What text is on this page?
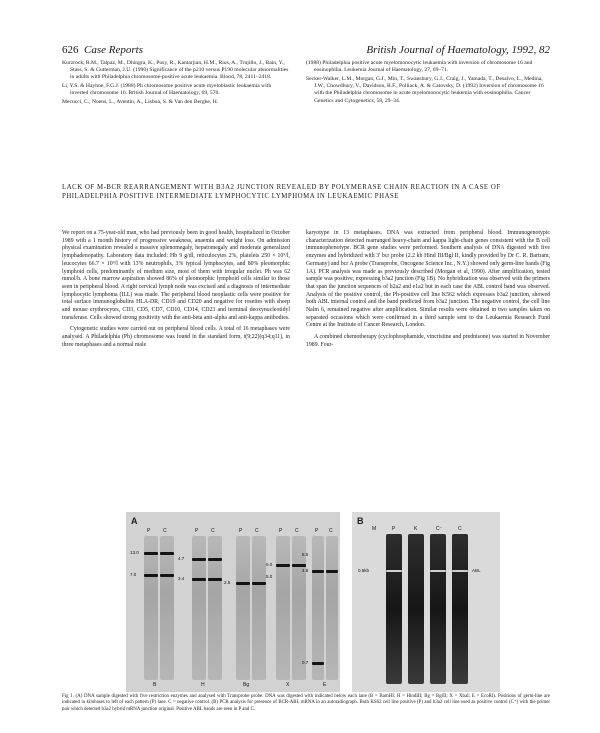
626 Case Reports	British Journal of Haematology, 1992, 82

Kurzrock, R.M., Talpaz, M., Dhingra, K., Pusy, R., Kantarjian, H.M., Rios, A., Trujillo, J., Bain, Y., Stass, S. & Gutterman, J.U. (1990) Significance of the p210 versus P190 molecular abnormalities in adults with Philadelphia chromosome-positive acute leukaemia. Blood, 78, 2411–2418.

Li, Y.S. & Hayhoe, F.G.J. (1988) Ph chromosome positive acute myeloblastic leukaemia with inverted chromosome 16. British Journal of Haematology, 69, 576.

Mecucci, C., Noens, L., Aventin, A., Lisboa, S. & Van den Berghe, H.

(1988) Philadelphia positive acute myelomonocytic leukaemia with inversion of chromosome 16 and eosinophilia. Leukemia Journal of Haematology, 27, 69–71.

Secker-Walker, L.M., Morgan, G.J., Min, T., Swansbury, G.J., Craig, J., Yamada, T., Desalvo, L., Medina, J.W., Chowdhury, V., Davidson, R.F., Polliack, A. & Catovsky, D. (1992) Inversion of chromosome 16 with the Philadelphia chromosome in acute myelomonocytic leukemia with eosinophilia. Cancer Genetics and Cytogenetics, 58, 29–34.

LACK OF M-BCR REARRANGEMENT WITH B3A2 JUNCTION REVEALED BY POLYMERASE CHAIN REACTION IN A CASE OF PHILADELPHIA POSITIVE INTERMEDIATE LYMPHOCYTIC LYMPHOMA IN LEUKAEMIC PHASE

We report on a 75-year-old man, who had previously been in good health, hospitalized in October 1989 with a 1 month history of progressive weakness, anaemia and weight loss. On admission physical examination revealed a massive splenomegaly, hepatomegaly and moderate generalized lymphadenopathy. Laboratory data included: Hb 9 g/dl, reticulocytes 2%, platelets 250 × 10⁹/l, leucocytes 66.7 × 10⁹/l with 13% neutrophils, 3% typical lymphocytes, and 80% pleomorphic lymphoid cells, predominantly of medium size, most of them with irregular nuclei. Ph was 62 mmol/h. A bone marrow aspiration showed 86% of pleomorphic lymphoid cells similar to those seen in peripheral blood. A right cervical lymph node was excised and a diagnosis of intermediate lymphocytic lymphoma (ILL) was made. The peripheral blood neoplastic cells were positive for total surface immunoglobulins HLA-DR, CD19 and CD20 and negative for rosettes with sheep and mouse erythrocytes, CD3, CD5, CD7, CD10, CD14, CD23 and terminal deoxynucleotidyl transferase. Cells showed strong positivity with the anti-beta anti-alpha and anti-kappa antibodies.

Cytogenetic studies were carried out on peripheral blood cells. A total of 16 metaphases were analysed. A Philadelphia (Ph) chromosome was found in the standard form, t(9;22)(q34;q11), in three metaphases and a normal male

karyotype in 13 metaphases. DNA was extracted from peripheral blood. Immunogenotypic characterization detected rearranged heavy-chain and kappa light-chain genes consistent with the B cell immunophenotype. BCR gene studies were performed. Southern analysis of DNA digested with five enzymes and hybridized with 3' bcr probe (2.2 kb Hind III/Bgl II, kindly provided by Dr C. R. Bartram, Germany) and bcr A probe (Transprobe, Oncogene Science Inc., N.Y.) showed only germ-line bands (Fig 1A). PCR analysis was made as previously described (Morgan et al, 1990). After amplification, tested sample was positive, expressing b3a2 junction (Fig 1B). No hybridization was observed with the primers that span the junction sequences of b2a2 and e1a2 but in each case the ABL control band was observed. Analysis of the positive control, the Ph-positive cell line K562 which expresses b3a2 junction, showed both ABL internal control and the band predicted from b3a2 junction. The negative control, the cell line Nalm 6, remained negative after amplification. Similar results were obtained in two samples taken on separated occasions which were confirmed in a third sample sent to the Leukaemia Research Fund Centre at the Institute of Cancer Research, London.

A combined chemotherapy (cyclophosphamide, vincristine and prednisone) was started in November 1989. Four-

A
P	C	P	C	P	C	P	C	P C
13.0
7.0
4.7
3.4
2.5
6.0
5.0
8.5
4.8
0.7
B	H	Bg	X	E
B
M	P	K	C⁻	C
0.5kb	ABL
Fig 1. (A) DNA sample digested with five restriction enzymes and analysed with Transprobe probe. DNA was digested with indicated below each lane (B = BamHI; H = HindIII; Bg = BglII; X = XbaI; E = EcoRI). Positions of germ-line are indicated in kilobases to left of each pattern (P) lane. C = negative control. (B) PCR analysis for presence of BCR-ABL mRNA in an autoradiograph. Both KS62 cell line positive (P) and b3a2 cell line used as positive control (C⁺) with the primer pair which detected b3a2 hybrid mRNA junction original. Positive ABL bands are seen in P and C.
